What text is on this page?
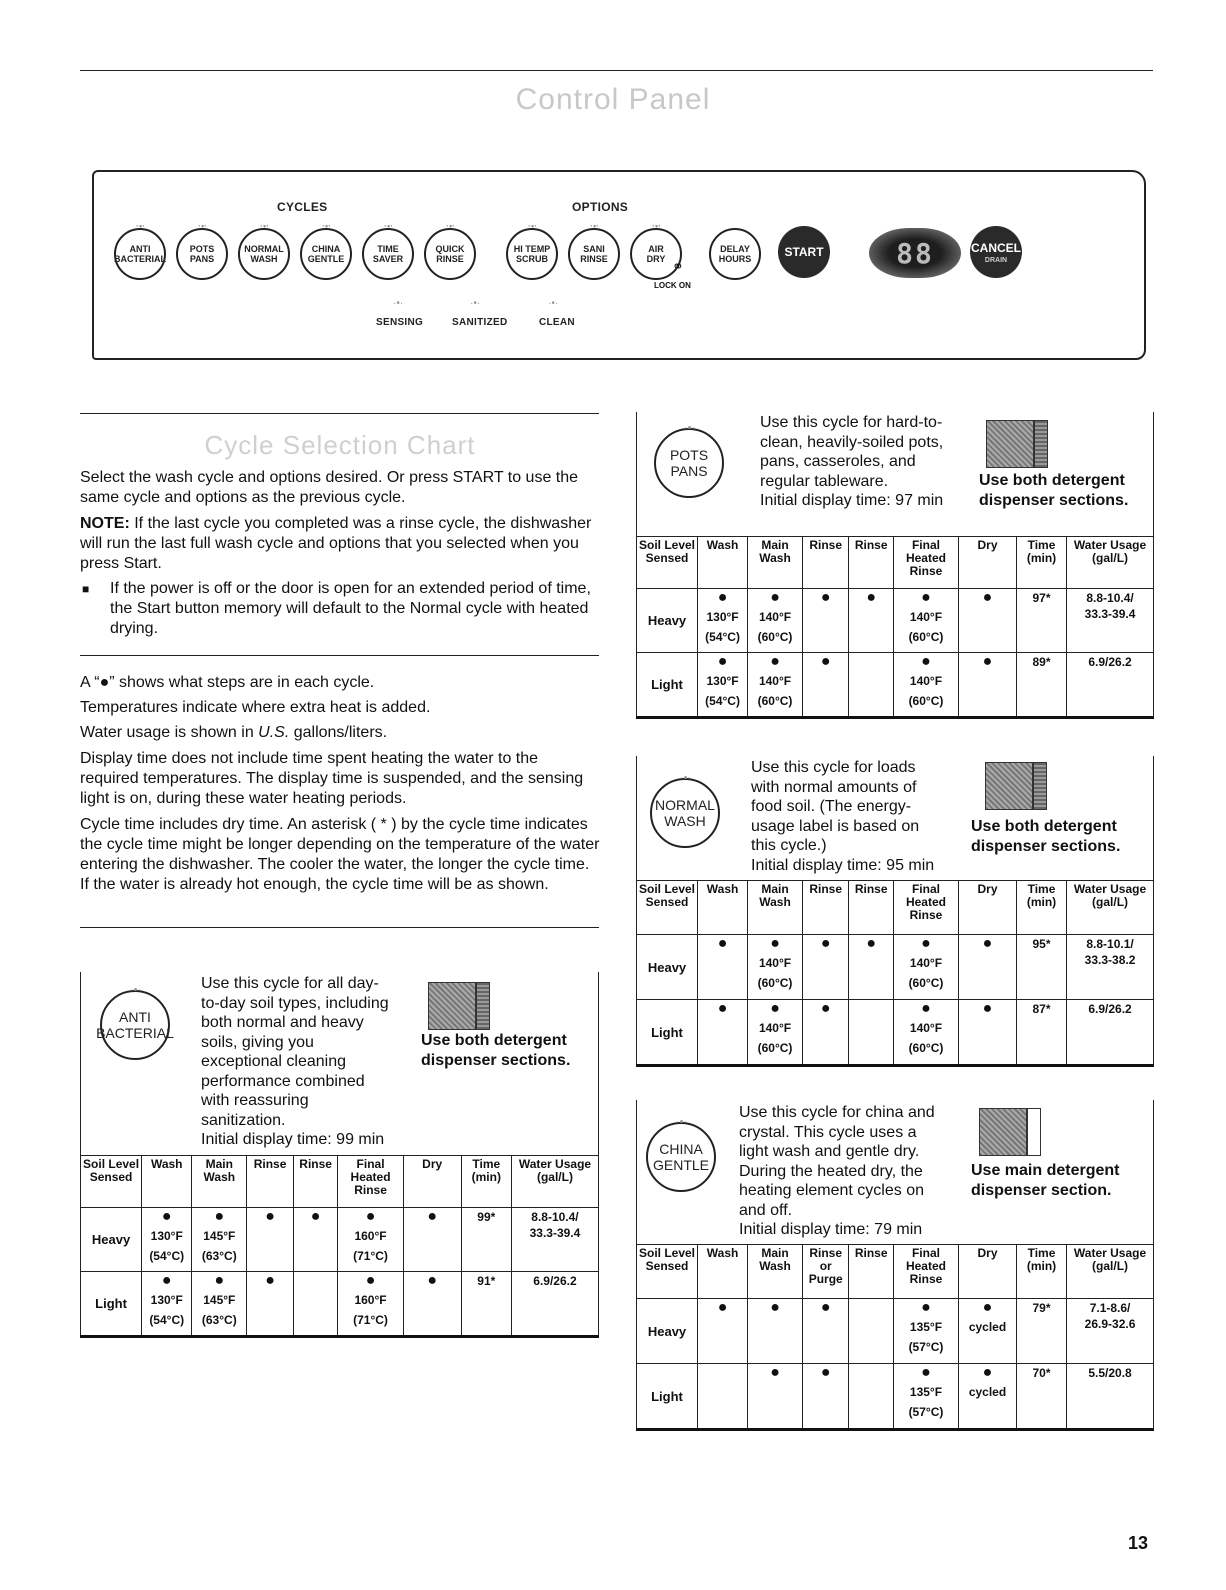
Control Panel
CYCLES	OPTIONS
·•·
ANTI
BACTERIAL
·•·
POTS
PANS
·•·
NORMAL
WASH
·•·
CHINA
GENTLE
·•·
TIME
SAVER
·•·
QUICK
RINSE
·•·
HI TEMP
SCRUB
·•·
SANI
RINSE
·•·
AIR
DRY
DELAY
HOURS
LOCK ON
⚭
START	88	CANCEL
DRAIN
·•·	·•·	·•·
SENSING	SANITIZED	CLEAN
Cycle Selection Chart
Select the wash cycle and options desired. Or press START to use the same cycle and options as the previous cycle.
NOTE: If the last cycle you completed was a rinse cycle, the dishwasher will run the last full wash cycle and options that you selected when you press Start.
■ If the power is off or the door is open for an extended period of time, the Start button memory will default to the Normal cycle with heated drying.
A “●” shows what steps are in each cycle.
Temperatures indicate where extra heat is added.
Water usage is shown in U.S. gallons/liters.
Display time does not include time spent heating the water to the required temperatures. The display time is suspended, and the sensing light is on, during these water heating periods.
Cycle time includes dry time. An asterisk ( * ) by the cycle time indicates the cycle time might be longer depending on the temperature of the water entering the dishwasher. The cooler the water, the longer the cycle time. If the water is already hot enough, the cycle time will be as shown.
·•·
ANTI
BACTERIAL
Use this cycle for all day-
to-day soil types, including
both normal and heavy
soils, giving you
exceptional cleaning
performance combined
with reassuring
sanitization.
Initial display time: 99 min
Use both detergent
dispenser sections.
Soil Level Sensed	Wash	Main Wash	Rinse	Rinse	Final Heated Rinse	Dry	Time (min)	Water Usage (gal/L)
Heavy	●
130°F
(54°C)	●
145°F
(63°C)	●	●	●
160°F
(71°C)	●	99*	8.8-10.4/
33.3-39.4

Light	●
130°F
(54°C)	●
145°F
(63°C)	●		●
160°F
(71°C)	●	91*	6.9/26.2
·•·
POTS
PANS
Use this cycle for hard-to-
clean, heavily-soiled pots,
pans, casseroles, and
regular tableware.
Initial display time: 97 min
Use both detergent
dispenser sections.
Soil Level Sensed	Wash	Main Wash	Rinse	Rinse	Final Heated Rinse	Dry	Time (min)	Water Usage (gal/L)
Heavy	●
130°F
(54°C)	●
140°F
(60°C)	●	●	●
140°F
(60°C)	●	97*	8.8-10.4/
33.3-39.4

Light	●
130°F
(54°C)	●
140°F
(60°C)	●		●
140°F
(60°C)	●	89*	6.9/26.2
·•·
NORMAL
WASH
Use this cycle for loads
with normal amounts of
food soil. (The energy-
usage label is based on
this cycle.)
Initial display time: 95 min
Use both detergent
dispenser sections.
Soil Level Sensed	Wash	Main Wash	Rinse	Rinse	Final Heated Rinse	Dry	Time (min)	Water Usage (gal/L)
Heavy	●	●
140°F
(60°C)	●	●	●
140°F
(60°C)	●	95*	8.8-10.1/
33.3-38.2

Light	●	●
140°F
(60°C)	●		●
140°F
(60°C)	●	87*	6.9/26.2
·•·
CHINA
GENTLE
Use this cycle for china and
crystal. This cycle uses a
light wash and gentle dry.
During the heated dry, the
heating element cycles on
and off.
Initial display time: 79 min
Use main detergent
dispenser section.
Soil Level Sensed	Wash	Main Wash	Rinse or Purge	Rinse	Final Heated Rinse	Dry	Time (min)	Water Usage (gal/L)
Heavy	●	●	●		●
135°F
(57°C)	●
cycled	79*	7.1-8.6/
26.9-32.6

Light		●	●		●
135°F
(57°C)	●
cycled	70*	5.5/20.8
13
